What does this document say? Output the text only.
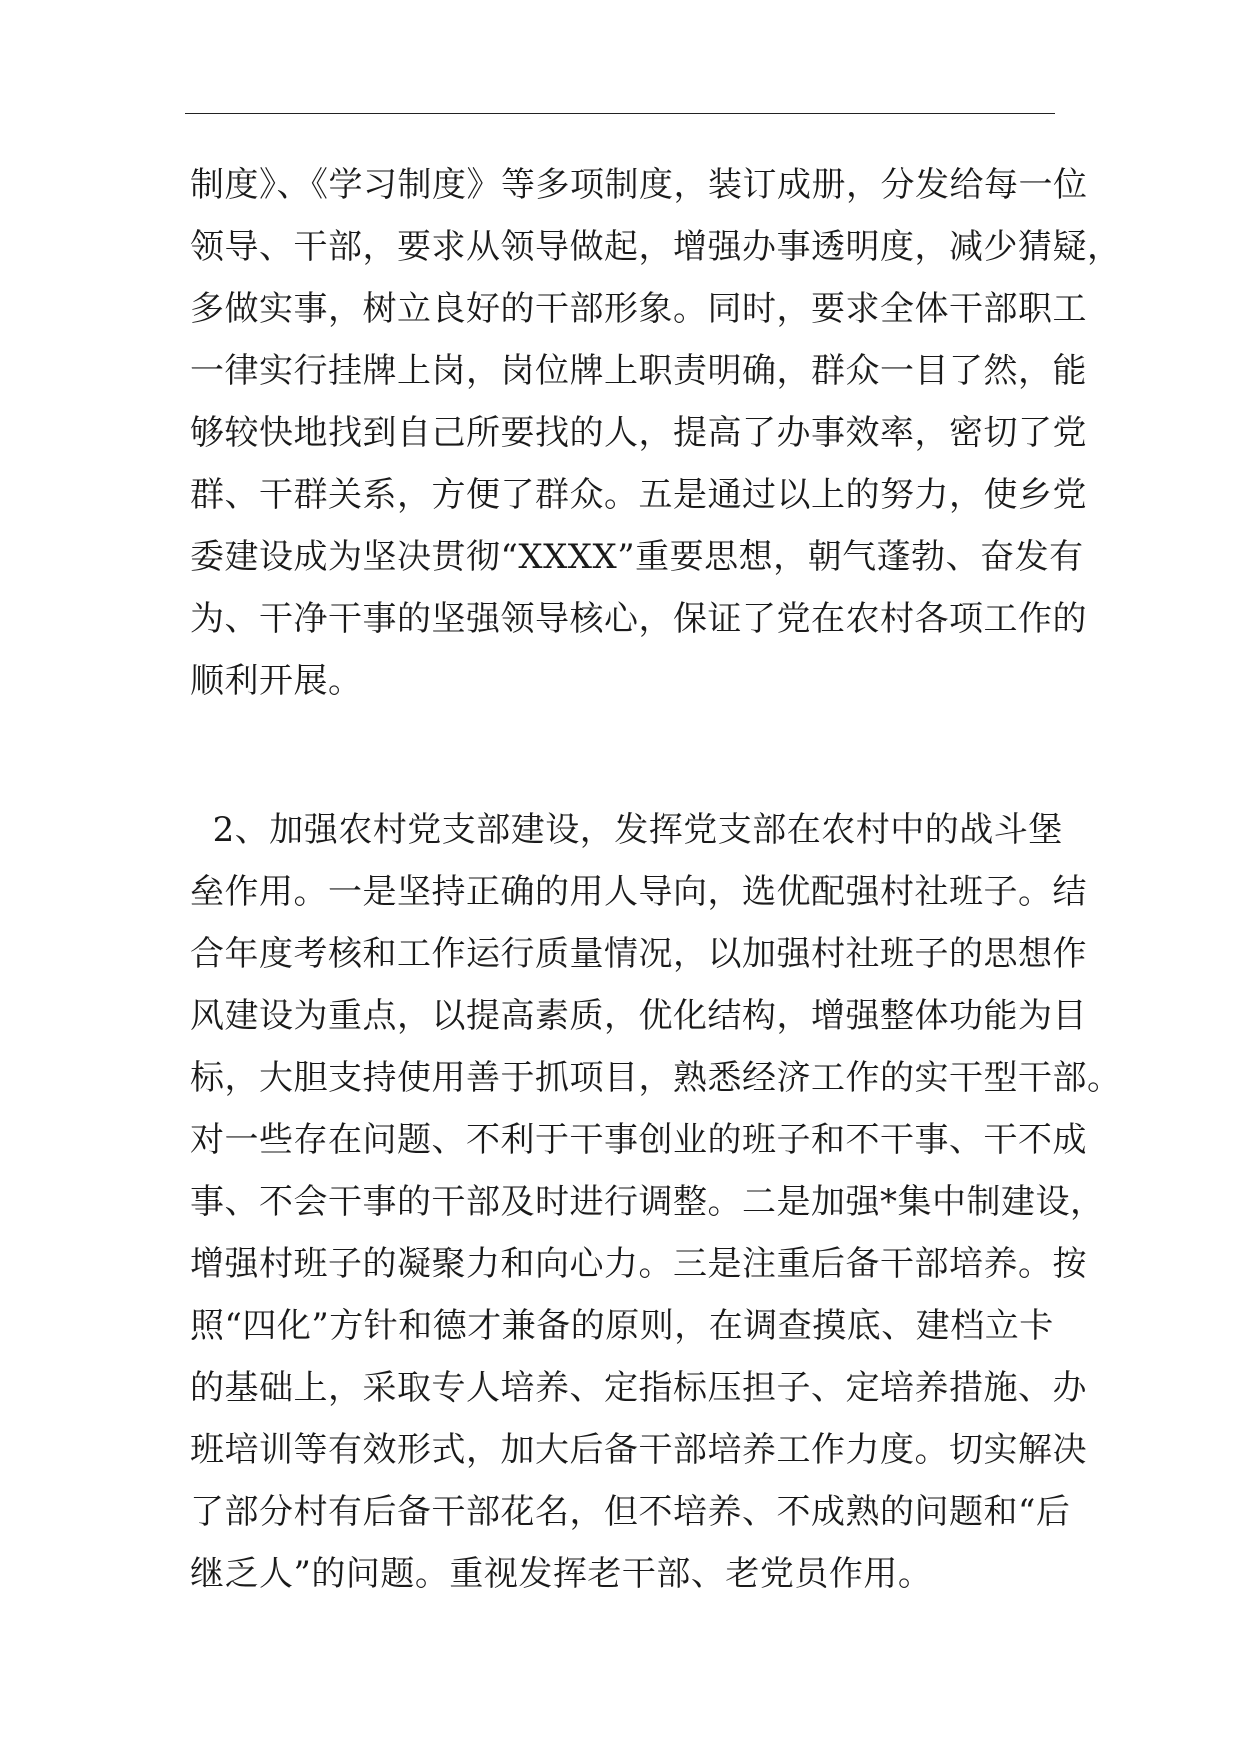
制度》、《学习制度》等多项制度，装订成册，分发给每一位
领导、干部，要求从领导做起，增强办事透明度，减少猜疑，
多做实事，树立良好的干部形象。同时，要求全体干部职工
一律实行挂牌上岗，岗位牌上职责明确，群众一目了然，能
够较快地找到自己所要找的人，提高了办事效率，密切了党
群、干群关系，方便了群众。五是通过以上的努力，使乡党
委建设成为坚决贯彻“XXXX”重要思想，朝气蓬勃、奋发有
为、干净干事的坚强领导核心，保证了党在农村各项工作的
顺利开展。
2、加强农村党支部建设，发挥党支部在农村中的战斗堡
垒作用。一是坚持正确的用人导向，选优配强村社班子。结
合年度考核和工作运行质量情况，以加强村社班子的思想作
风建设为重点，以提高素质，优化结构，增强整体功能为目
标，大胆支持使用善于抓项目，熟悉经济工作的实干型干部。
对一些存在问题、不利于干事创业的班子和不干事、干不成
事、不会干事的干部及时进行调整。二是加强*集中制建设，
增强村班子的凝聚力和向心力。三是注重后备干部培养。按
照“四化”方针和德才兼备的原则，在调查摸底、建档立卡
的基础上，采取专人培养、定指标压担子、定培养措施、办
班培训等有效形式，加大后备干部培养工作力度。切实解决
了部分村有后备干部花名，但不培养、不成熟的问题和“后
继乏人”的问题。重视发挥老干部、老党员作用。
